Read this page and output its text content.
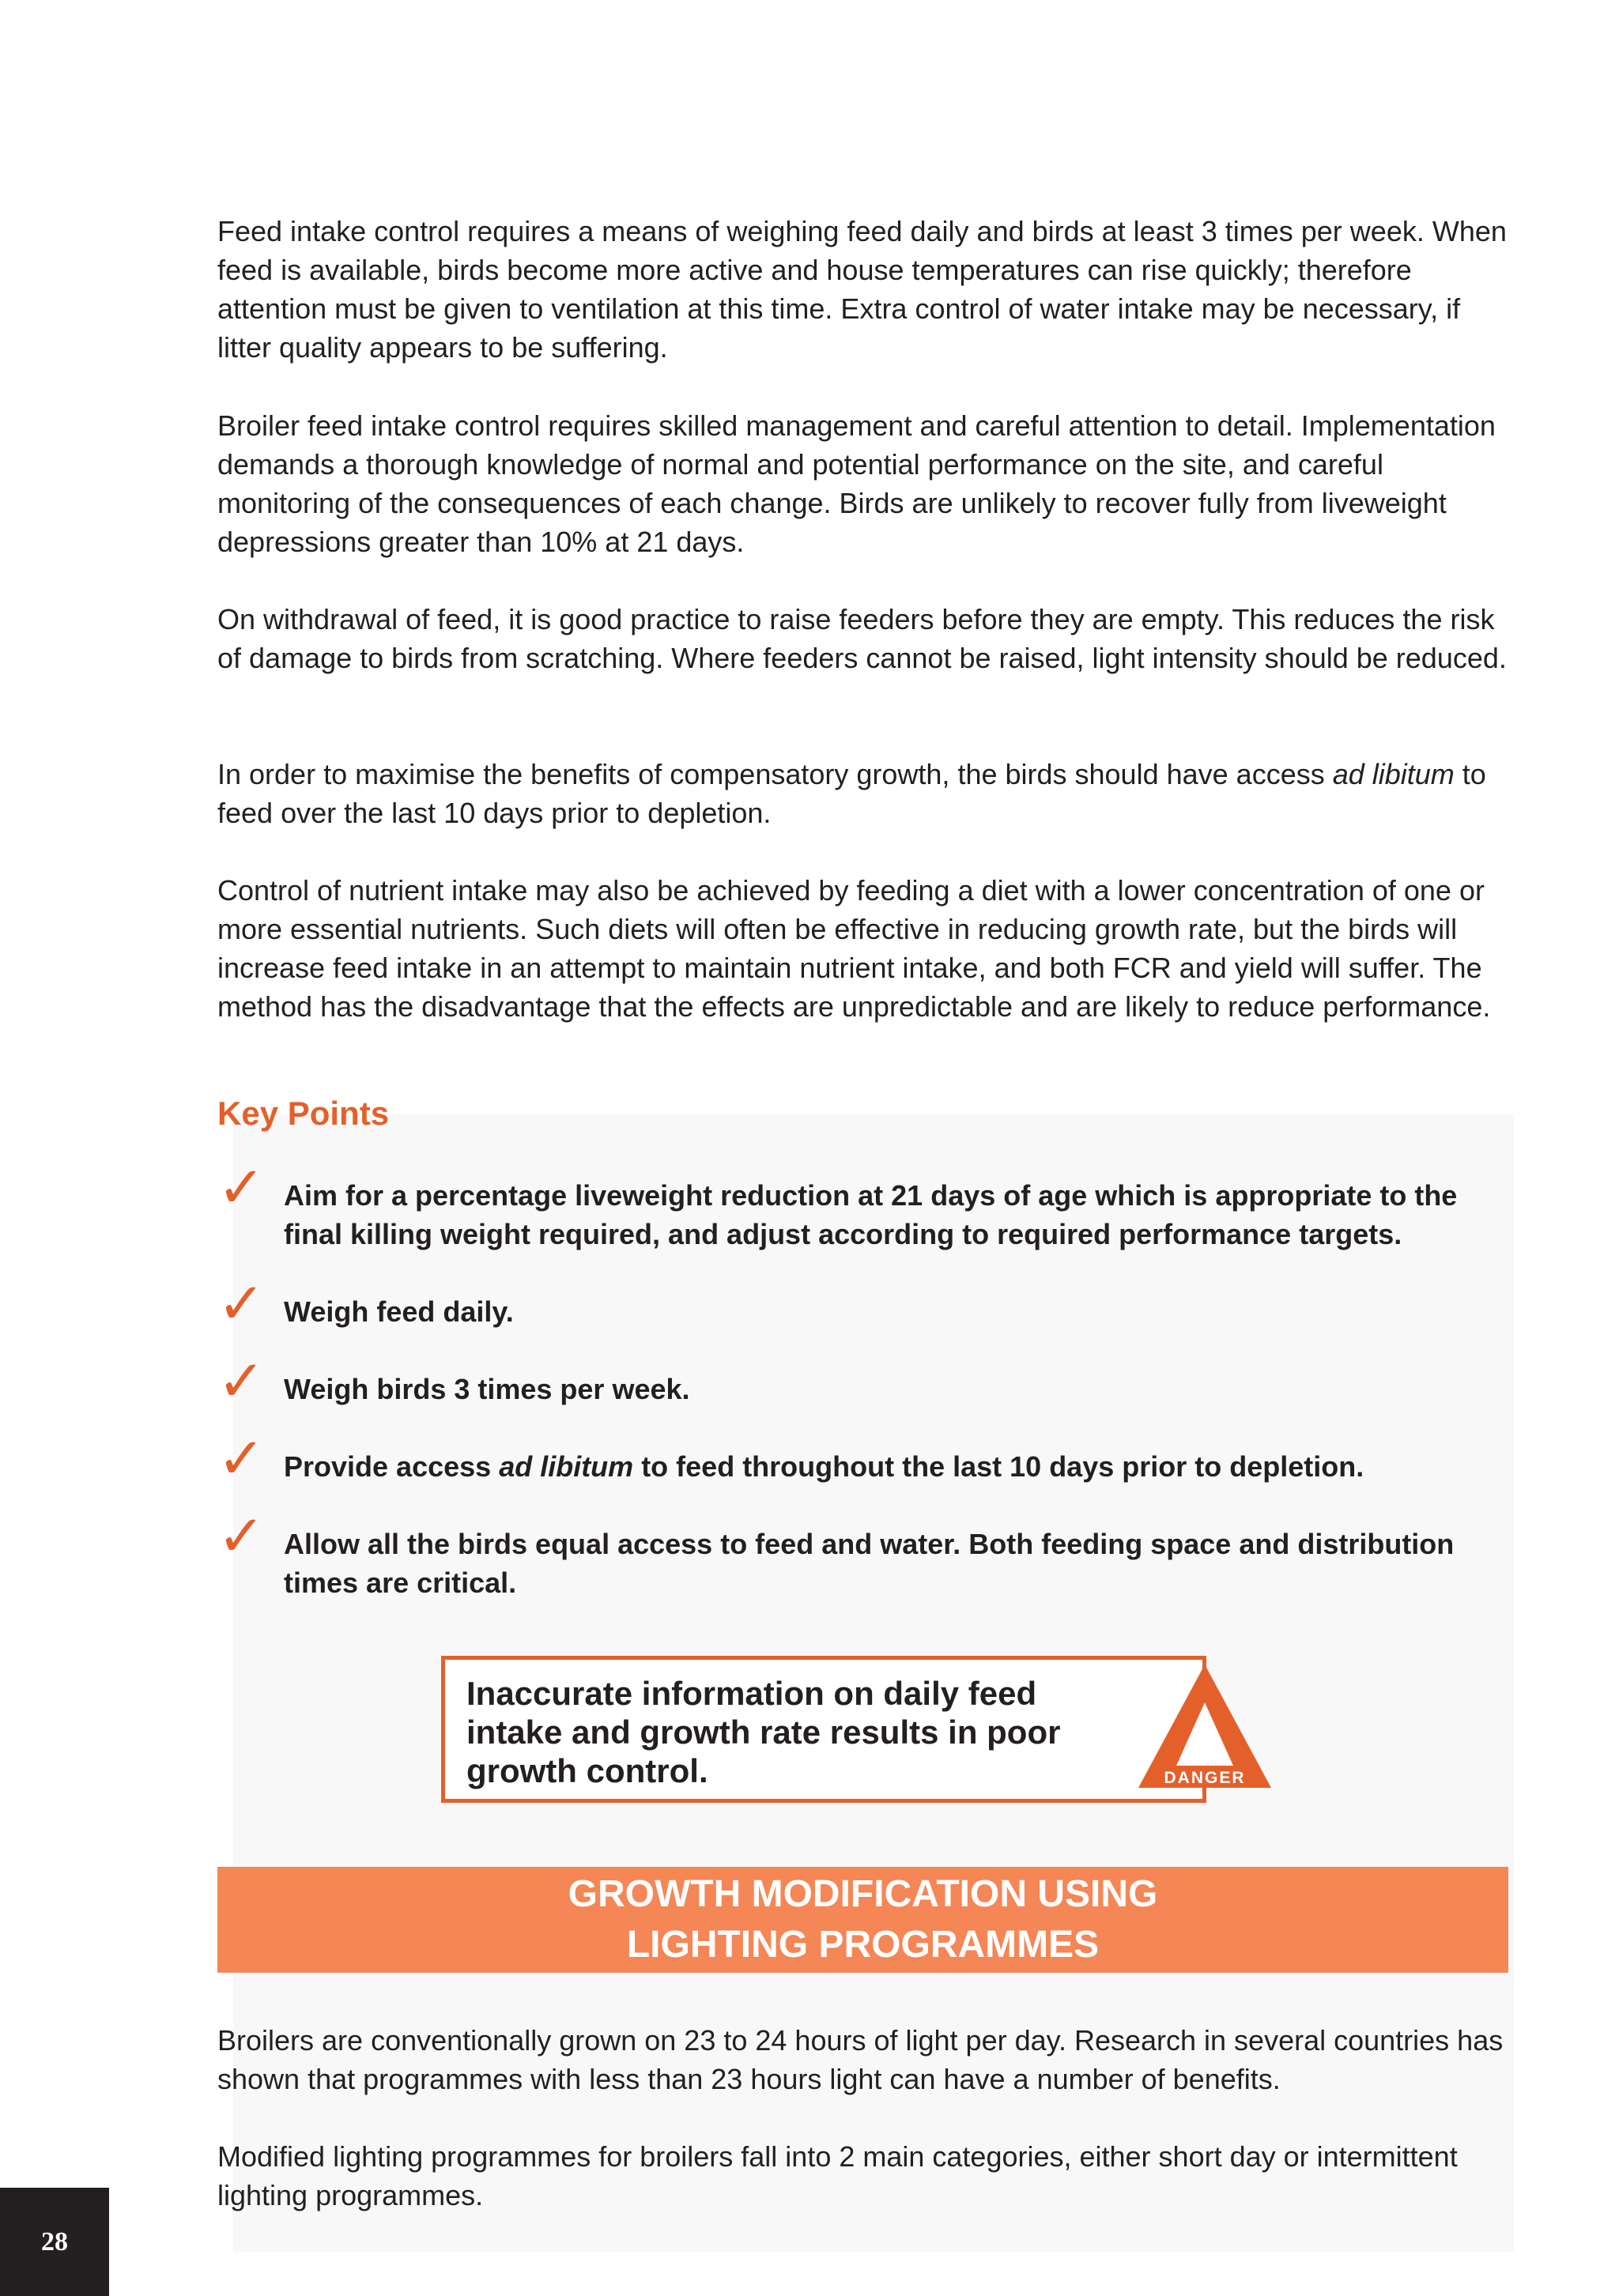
Feed intake control requires a means of weighing feed daily and birds at least 3 times per week. When feed is available, birds become more active and house temperatures can rise quickly; therefore attention must be given to ventilation at this time. Extra control of water intake may be necessary, if litter quality appears to be suffering.

Broiler feed intake control requires skilled management and careful attention to detail. Implementation demands a thorough knowledge of normal and potential performance on the site, and careful monitoring of the consequences of each change. Birds are unlikely to recover fully from liveweight depressions greater than 10% at 21 days.

On withdrawal of feed, it is good practice to raise feeders before they are empty. This reduces the risk of damage to birds from scratching. Where feeders cannot be raised, light intensity should be reduced.

In order to maximise the benefits of compensatory growth, the birds should have access ad libitum to feed over the last 10 days prior to depletion.

Control of nutrient intake may also be achieved by feeding a diet with a lower concentration of one or more essential nutrients. Such diets will often be effective in reducing growth rate, but the birds will increase feed intake in an attempt to maintain nutrient intake, and both FCR and yield will suffer. The method has the disadvantage that the effects are unpredictable and are likely to reduce performance.

Key Points

✓ Aim for a percentage liveweight reduction at 21 days of age which is appropriate to the final killing weight required, and adjust according to required performance targets.
✓ Weigh feed daily.
✓ Weigh birds 3 times per week.
✓ Provide access ad libitum to feed throughout the last 10 days prior to depletion.
✓ Allow all the birds equal access to feed and water. Both feeding space and distribution times are critical.
Inaccurate information on daily feed intake and growth rate results in poor growth control.	DANGER
GROWTH MODIFICATION USING
LIGHTING PROGRAMMES

Broilers are conventionally grown on 23 to 24 hours of light per day. Research in several countries has shown that programmes with less than 23 hours light can have a number of benefits.

Modified lighting programmes for broilers fall into 2 main categories, either short day or intermittent lighting programmes.

28
